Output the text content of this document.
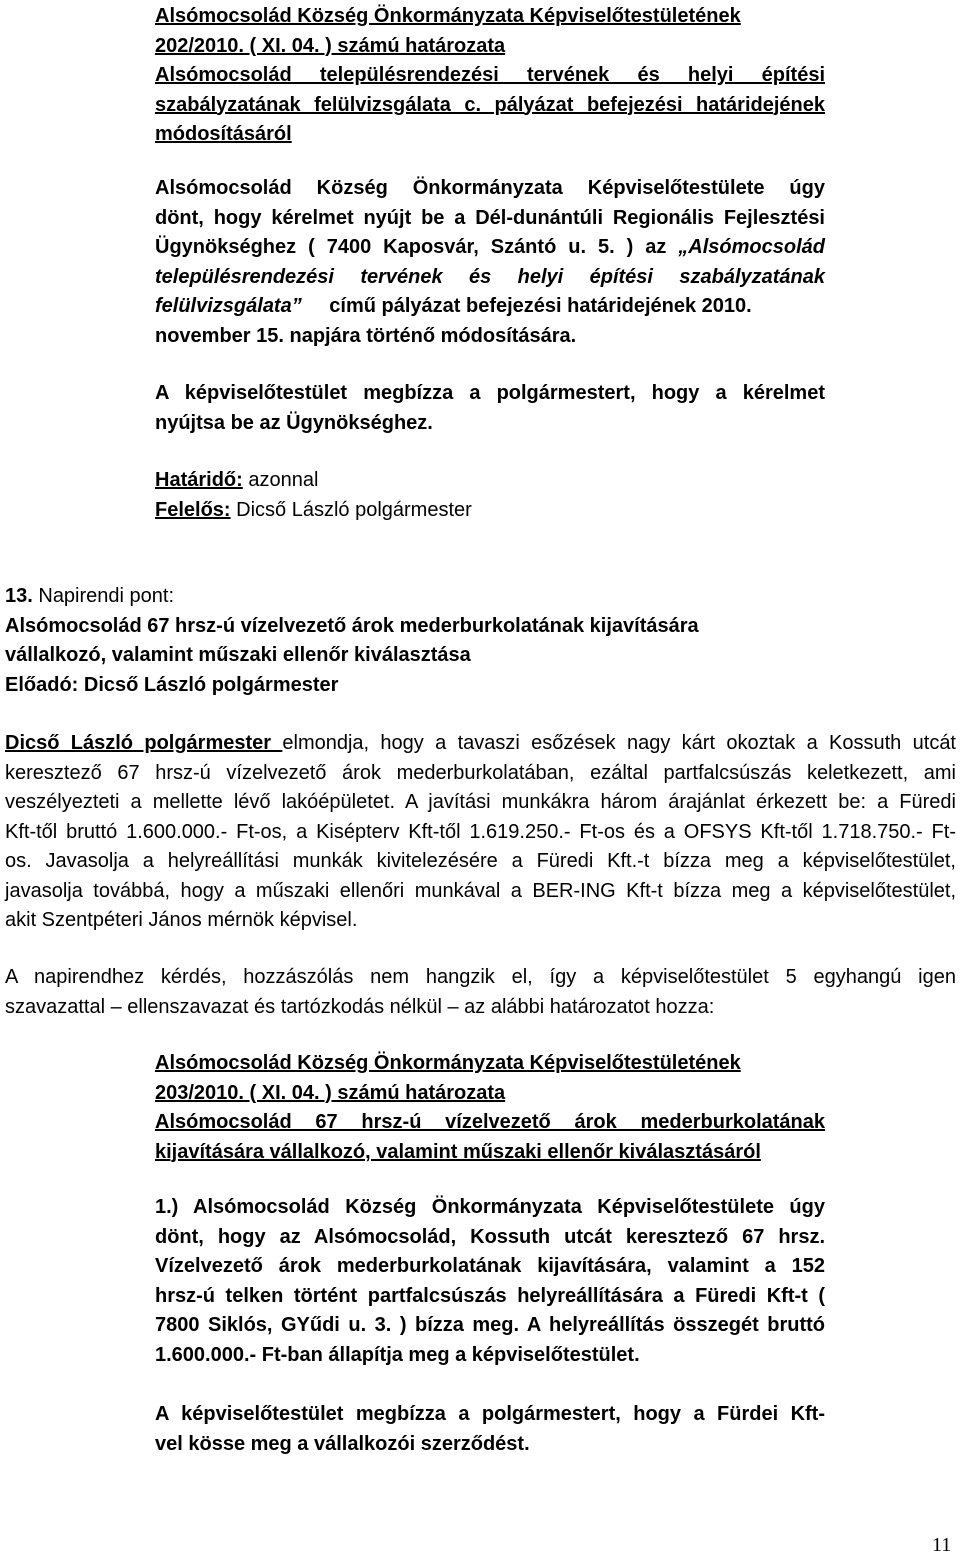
Alsómocsolád Község Önkormányzata Képviselőtestületének
202/2010. ( XI. 04. ) számú határozata
Alsómocsolád településrendezési tervének és helyi építési
szabályzatának felülvizsgálata c. pályázat befejezési határidejének
módosításáról
Alsómocsolád Község Önkormányzata Képviselőtestülete úgy
dönt, hogy kérelmet nyújt be a Dél-dunántúli Regionális Fejlesztési
Ügynökséghez ( 7400 Kaposvár, Szántó u. 5. ) az „Alsómocsolád
településrendezési tervének és helyi építési szabályzatának
felülvizsgálata” című pályázat befejezési határidejének 2010.
november 15. napjára történő módosítására.
A képviselőtestület megbízza a polgármestert, hogy a kérelmet
nyújtsa be az Ügynökséghez.
Határidő: azonnal
Felelős: Dicső László polgármester
13. Napirendi pont:
Alsómocsolád 67 hrsz-ú vízelvezető árok mederburkolatának kijavítására
vállalkozó, valamint műszaki ellenőr kiválasztása
Előadó: Dicső László polgármester
Dicső László polgármester elmondja, hogy a tavaszi esőzések nagy kárt okoztak a Kossuth utcát
keresztező 67 hrsz-ú vízelvezető árok mederburkolatában, ezáltal partfalcsúszás keletkezett, ami
veszélyezteti a mellette lévő lakóépületet. A javítási munkákra három árajánlat érkezett be: a Füredi
Kft-től bruttó 1.600.000.- Ft-os, a Kisépterv Kft-től 1.619.250.- Ft-os és a OFSYS Kft-től 1.718.750.- Ft-
os. Javasolja a helyreállítási munkák kivitelezésére a Füredi Kft.-t bízza meg a képviselőtestület,
javasolja továbbá, hogy a műszaki ellenőri munkával a BER-ING Kft-t bízza meg a képviselőtestület,
akit Szentpéteri János mérnök képvisel.
A napirendhez kérdés, hozzászólás nem hangzik el, így a képviselőtestület 5 egyhangú igen
szavazattal – ellenszavazat és tartózkodás nélkül – az alábbi határozatot hozza:
Alsómocsolád Község Önkormányzata Képviselőtestületének
203/2010. ( XI. 04. ) számú határozata
Alsómocsolád 67 hrsz-ú vízelvezető árok mederburkolatának
kijavítására vállalkozó, valamint műszaki ellenőr kiválasztásáról
1.) Alsómocsolád Község Önkormányzata Képviselőtestülete úgy
dönt, hogy az Alsómocsolád, Kossuth utcát keresztező 67 hrsz.
Vízelvezető árok mederburkolatának kijavítására, valamint a 152
hrsz-ú telken történt partfalcsúszás helyreállítására a Füredi Kft-t (
7800 Siklós, GYűdi u. 3. ) bízza meg. A helyreállítás összegét bruttó
1.600.000.- Ft-ban állapítja meg a képviselőtestület.
A képviselőtestület megbízza a polgármestert, hogy a Fürdei Kft-
vel kösse meg a vállalkozói szerződést.
11
